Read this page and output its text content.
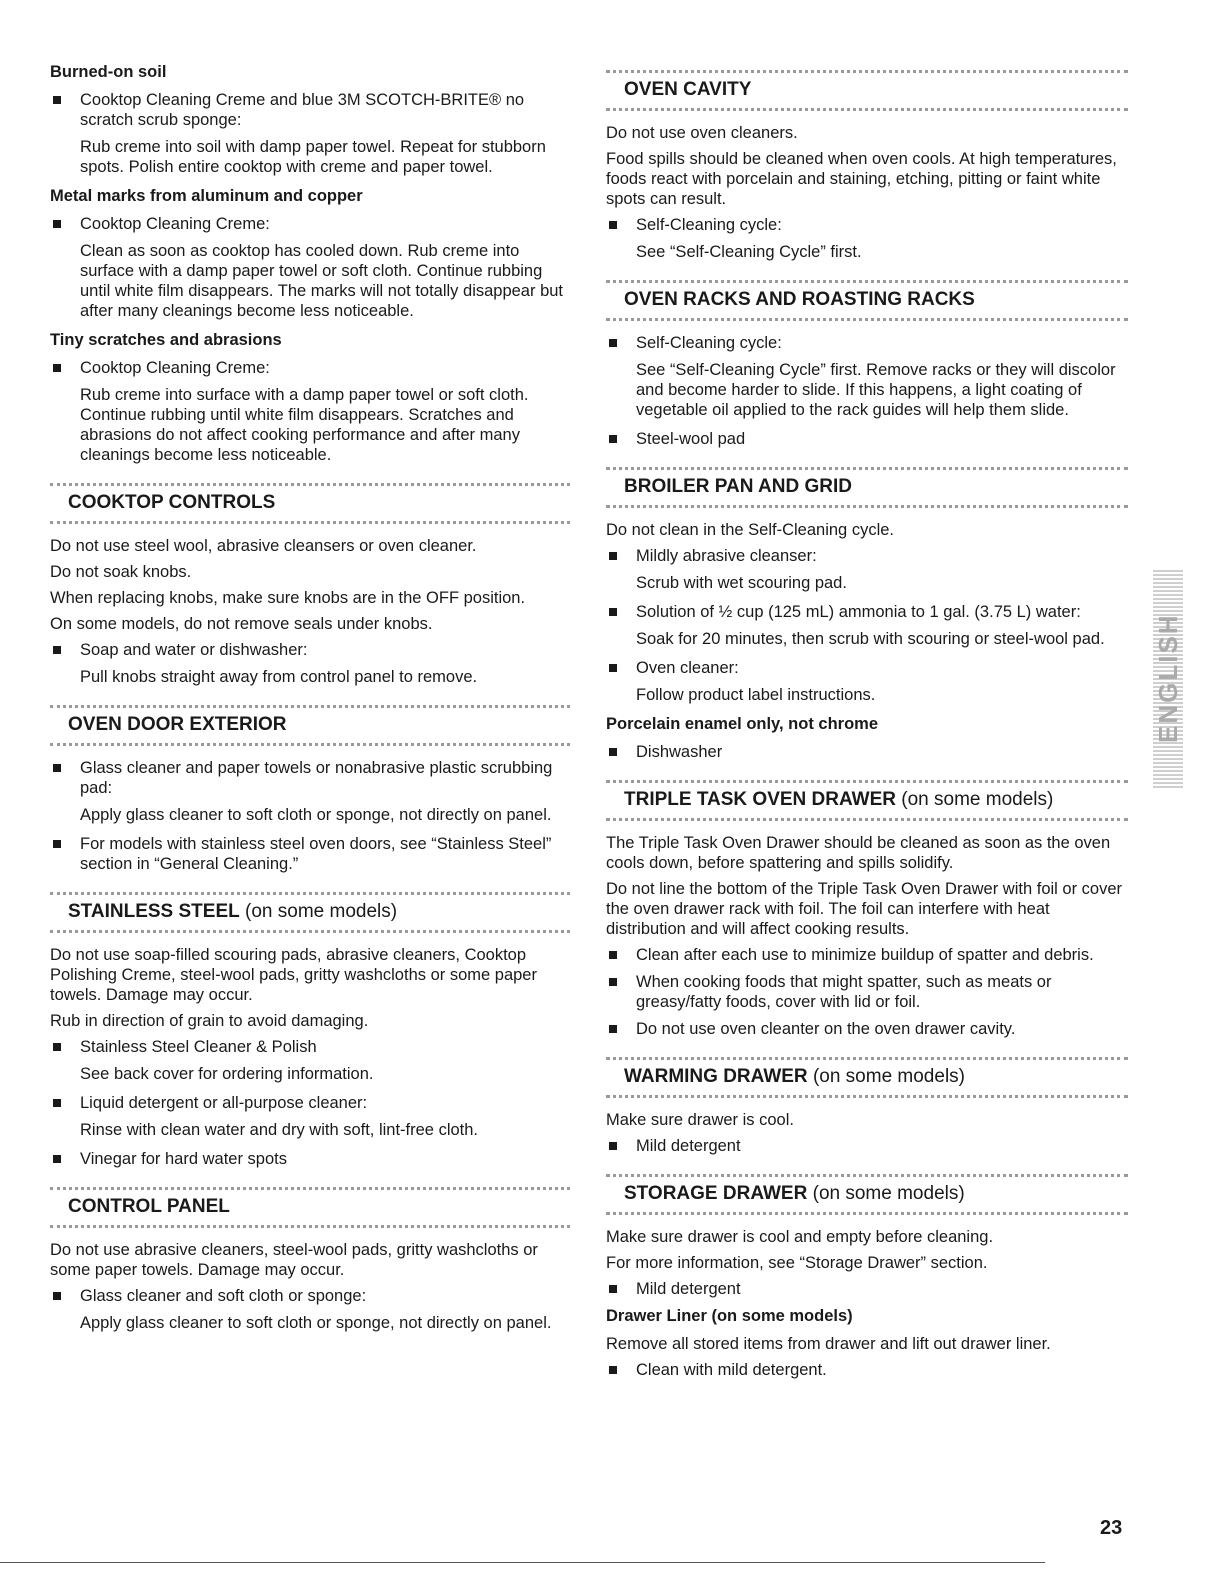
Burned-on soil
Cooktop Cleaning Creme and blue 3M SCOTCH-BRITE® no scratch scrub sponge:
Rub creme into soil with damp paper towel. Repeat for stubborn spots. Polish entire cooktop with creme and paper towel.
Metal marks from aluminum and copper
Cooktop Cleaning Creme:
Clean as soon as cooktop has cooled down. Rub creme into surface with a damp paper towel or soft cloth. Continue rubbing until white film disappears. The marks will not totally disappear but after many cleanings become less noticeable.
Tiny scratches and abrasions
Cooktop Cleaning Creme:
Rub creme into surface with a damp paper towel or soft cloth. Continue rubbing until white film disappears. Scratches and abrasions do not affect cooking performance and after many cleanings become less noticeable.
COOKTOP CONTROLS
Do not use steel wool, abrasive cleansers or oven cleaner.
Do not soak knobs.
When replacing knobs, make sure knobs are in the OFF position.
On some models, do not remove seals under knobs.
Soap and water or dishwasher:
Pull knobs straight away from control panel to remove.
OVEN DOOR EXTERIOR
Glass cleaner and paper towels or nonabrasive plastic scrubbing pad:
Apply glass cleaner to soft cloth or sponge, not directly on panel.
For models with stainless steel oven doors, see “Stainless Steel” section in “General Cleaning.”
STAINLESS STEEL (on some models)
Do not use soap-filled scouring pads, abrasive cleaners, Cooktop Polishing Creme, steel-wool pads, gritty washcloths or some paper towels. Damage may occur.
Rub in direction of grain to avoid damaging.
Stainless Steel Cleaner & Polish
See back cover for ordering information.
Liquid detergent or all-purpose cleaner:
Rinse with clean water and dry with soft, lint-free cloth.
Vinegar for hard water spots
CONTROL PANEL
Do not use abrasive cleaners, steel-wool pads, gritty washcloths or some paper towels. Damage may occur.
Glass cleaner and soft cloth or sponge:
Apply glass cleaner to soft cloth or sponge, not directly on panel.
OVEN CAVITY
Do not use oven cleaners.
Food spills should be cleaned when oven cools. At high temperatures, foods react with porcelain and staining, etching, pitting or faint white spots can result.
Self-Cleaning cycle:
See “Self-Cleaning Cycle” first.
OVEN RACKS AND ROASTING RACKS
Self-Cleaning cycle:
See “Self-Cleaning Cycle” first. Remove racks or they will discolor and become harder to slide. If this happens, a light coating of vegetable oil applied to the rack guides will help them slide.
Steel-wool pad
BROILER PAN AND GRID
Do not clean in the Self-Cleaning cycle.
Mildly abrasive cleanser:
Scrub with wet scouring pad.
Solution of ½ cup (125 mL) ammonia to 1 gal. (3.75 L) water:
Soak for 20 minutes, then scrub with scouring or steel-wool pad.
Oven cleaner:
Follow product label instructions.
Porcelain enamel only, not chrome
Dishwasher
TRIPLE TASK OVEN DRAWER (on some models)
The Triple Task Oven Drawer should be cleaned as soon as the oven cools down, before spattering and spills solidify.
Do not line the bottom of the Triple Task Oven Drawer with foil or cover the oven drawer rack with foil. The foil can interfere with heat distribution and will affect cooking results.
Clean after each use to minimize buildup of spatter and debris.
When cooking foods that might spatter, such as meats or greasy/fatty foods, cover with lid or foil.
Do not use oven cleanter on the oven drawer cavity.
WARMING DRAWER (on some models)
Make sure drawer is cool.
Mild detergent
STORAGE DRAWER (on some models)
Make sure drawer is cool and empty before cleaning.
For more information, see “Storage Drawer” section.
Mild detergent
Drawer Liner (on some models)
Remove all stored items from drawer and lift out drawer liner.
Clean with mild detergent.
ENGLISH
23
